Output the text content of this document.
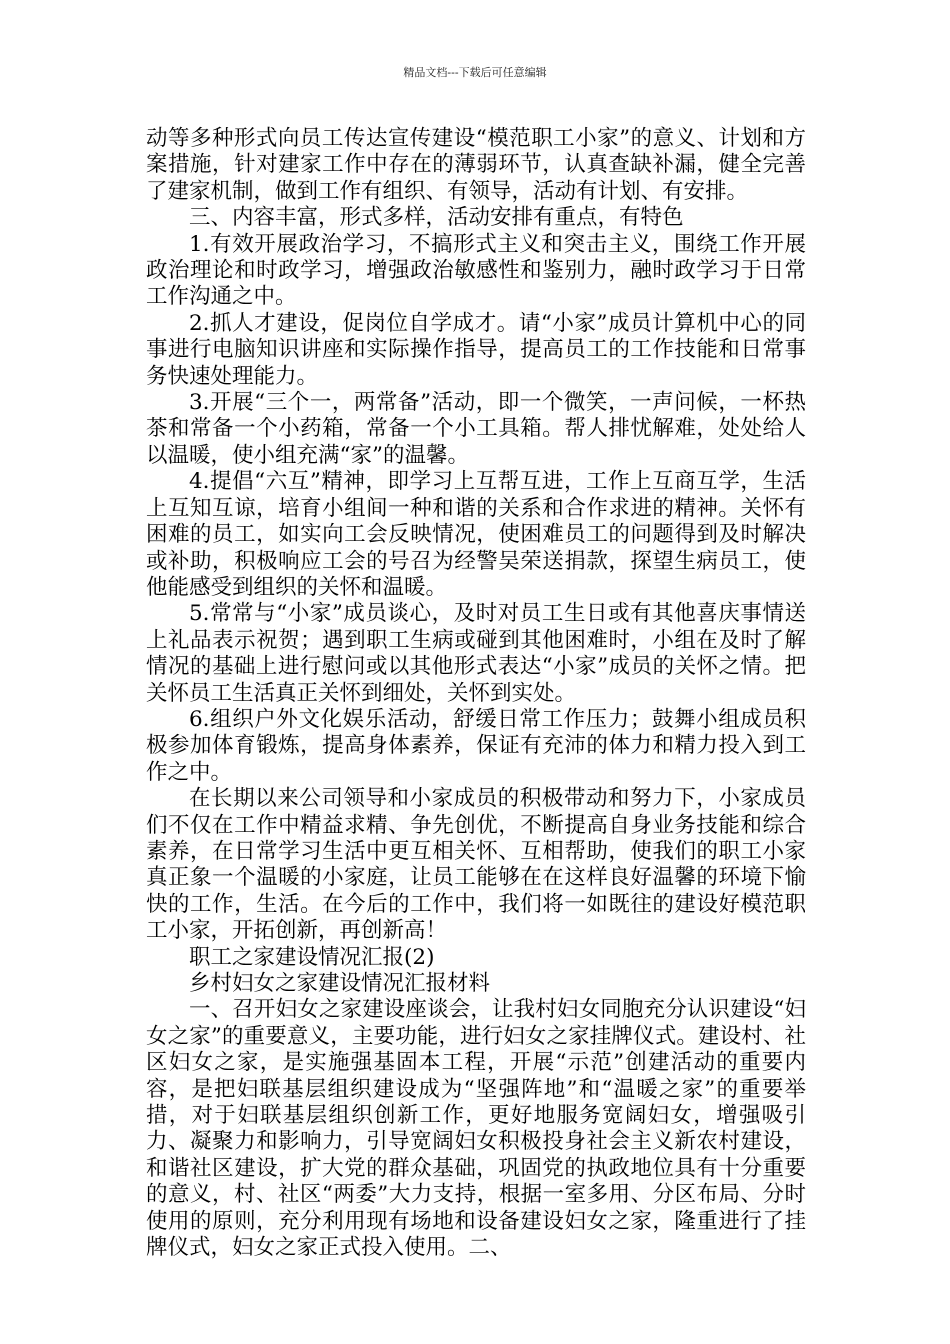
精品文档---下载后可任意编辑

动等多种形式向员工传达宣传建设“模范职工小家”的意义、计划和方案措施，针对建家工作中存在的薄弱环节，认真查缺补漏，健全完善了建家机制，做到工作有组织、有领导，活动有计划、有安排。

三、内容丰富，形式多样，活动安排有重点，有特色

1.有效开展政治学习，不搞形式主义和突击主义，围绕工作开展政治理论和时政学习，增强政治敏感性和鉴别力，融时政学习于日常工作沟通之中。

2.抓人才建设，促岗位自学成才。请“小家”成员计算机中心的同事进行电脑知识讲座和实际操作指导，提高员工的工作技能和日常事务快速处理能力。

3.开展“三个一，两常备”活动，即一个微笑，一声问候，一杯热茶和常备一个小药箱，常备一个小工具箱。帮人排忧解难，处处给人以温暖，使小组充满“家”的温馨。

4.提倡“六互”精神，即学习上互帮互进，工作上互商互学，生活上互知互谅，培育小组间一种和谐的关系和合作求进的精神。关怀有困难的员工，如实向工会反映情况，使困难员工的问题得到及时解决或补助，积极响应工会的号召为经警吴荣送捐款，探望生病员工，使他能感受到组织的关怀和温暖。

5.常常与“小家”成员谈心，及时对员工生日或有其他喜庆事情送上礼品表示祝贺；遇到职工生病或碰到其他困难时，小组在及时了解情况的基础上进行慰问或以其他形式表达“小家”成员的关怀之情。把关怀员工生活真正关怀到细处，关怀到实处。

6.组织户外文化娱乐活动，舒缓日常工作压力；鼓舞小组成员积极参加体育锻炼，提高身体素养，保证有充沛的体力和精力投入到工作之中。

在长期以来公司领导和小家成员的积极带动和努力下，小家成员们不仅在工作中精益求精、争先创优，不断提高自身业务技能和综合素养，在日常学习生活中更互相关怀、互相帮助，使我们的职工小家真正象一个温暖的小家庭，让员工能够在在这样良好温馨的环境下愉快的工作，生活。在今后的工作中，我们将一如既往的建设好模范职工小家，开拓创新，再创新高！

职工之家建设情况汇报(2)

乡村妇女之家建设情况汇报材料

一、召开妇女之家建设座谈会，让我村妇女同胞充分认识建设“妇女之家”的重要意义，主要功能，进行妇女之家挂牌仪式。建设村、社区妇女之家，是实施强基固本工程，开展“示范”创建活动的重要内容，是把妇联基层组织建设成为“坚强阵地”和“温暖之家”的重要举措，对于妇联基层组织创新工作，更好地服务宽阔妇女，增强吸引力、凝聚力和影响力，引导宽阔妇女积极投身社会主义新农村建设，和谐社区建设，扩大党的群众基础，巩固党的执政地位具有十分重要的意义，村、社区“两委”大力支持，根据一室多用、分区布局、分时使用的原则，充分利用现有场地和设备建设妇女之家，隆重进行了挂牌仪式，妇女之家正式投入使用。二、
